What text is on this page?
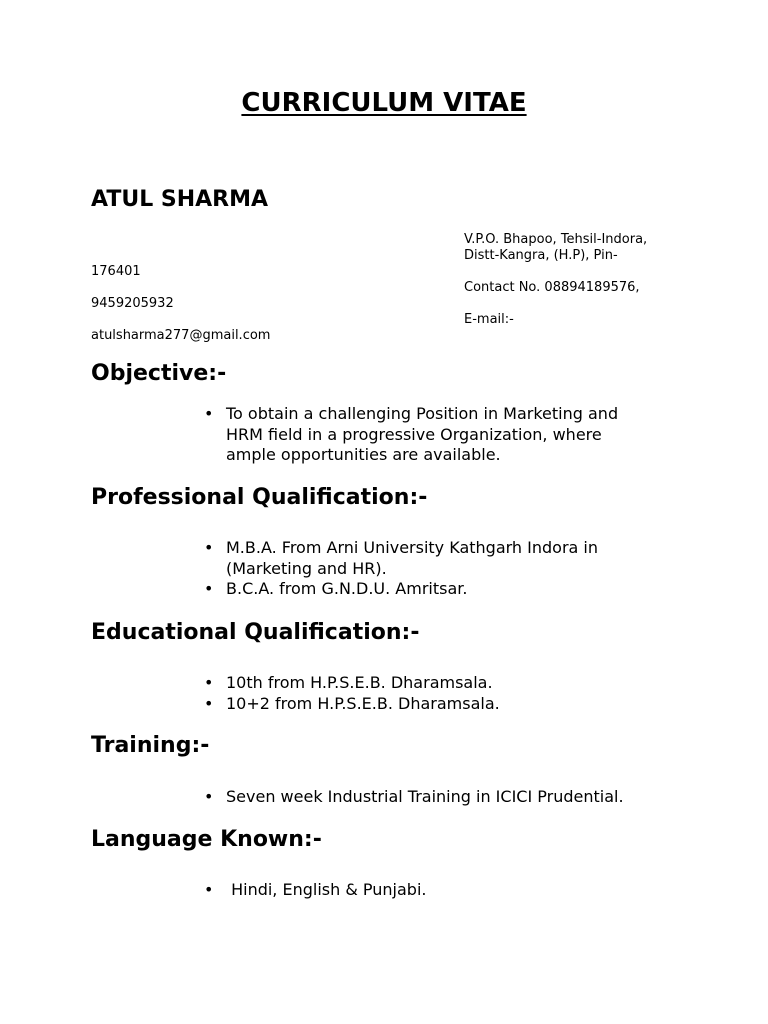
CURRICULUM VITAE
ATUL SHARMA
V.P.O. Bhapoo, Tehsil-Indora,
Distt-Kangra, (H.P), Pin-
176401
Contact No. 08894189576,
9459205932
E-mail:-
atulsharma277@gmail.com
Objective:-
• To obtain a challenging Position in Marketing and
HRM field in a progressive Organization, where
ample opportunities are available.
Professional Qualification:-
• M.B.A. From Arni University Kathgarh Indora in
(Marketing and HR).
• B.C.A. from G.N.D.U. Amritsar.
Educational Qualification:-
• 10th from H.P.S.E.B. Dharamsala.
• 10+2 from H.P.S.E.B. Dharamsala.
Training:-
• Seven week Industrial Training in ICICI Prudential.
Language Known:-
• Hindi, English & Punjabi.
